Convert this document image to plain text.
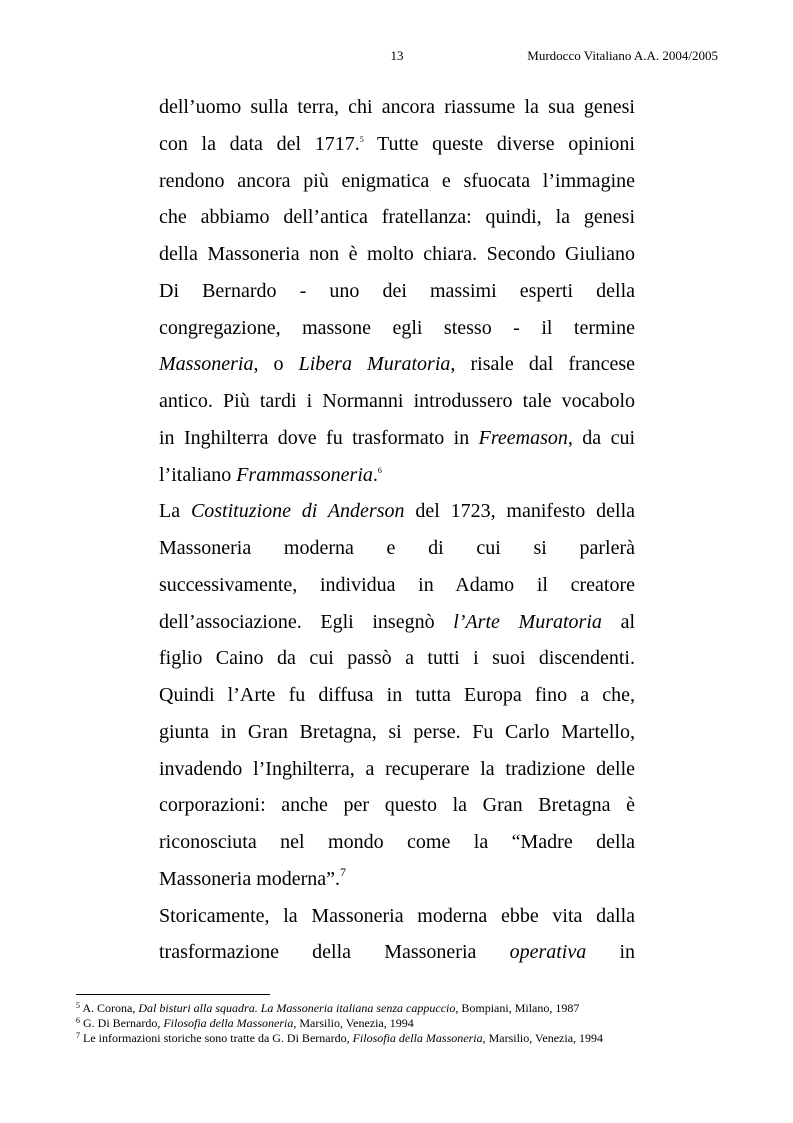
13	Murdocco Vitaliano A.A. 2004/2005
dell’uomo sulla terra, chi ancora riassume la sua genesi
con la data del 1717.$^5$ Tutte queste diverse opinioni
rendono ancora più enigmatica e sfuocata l’immagine
che abbiamo dell’antica fratellanza: quindi, la genesi
della Massoneria non è molto chiara. Secondo Giuliano
Di Bernardo - uno dei massimi esperti della
congregazione, massone egli stesso - il termine
Massoneria, o Libera Muratoria, risale dal francese
antico. Più tardi i Normanni introdussero tale vocabolo
in Inghilterra dove fu trasformato in Freemason, da cui
l’italiano Frammassoneria.$^6$
La Costituzione di Anderson del 1723, manifesto della
Massoneria moderna e di cui si parlerà
successivamente, individua in Adamo il creatore
dell’associazione. Egli insegnò l’Arte Muratoria al
figlio Caino da cui passò a tutti i suoi discendenti.
Quindi l’Arte fu diffusa in tutta Europa fino a che,
giunta in Gran Bretagna, si perse. Fu Carlo Martello,
invadendo l’Inghilterra, a recuperare la tradizione delle
corporazioni: anche per questo la Gran Bretagna è
riconosciuta nel mondo come la “Madre della
Massoneria moderna”.$^7$
Storicamente, la Massoneria moderna ebbe vita dalla
trasformazione della Massoneria operativa in
$^5$ A. Corona, Dal bisturi alla squadra. La Massoneria italiana senza cappuccio, Bompiani, Milano, 1987
$^6$ G. Di Bernardo, Filosofia della Massoneria, Marsilio, Venezia, 1994
$^7$ Le informazioni storiche sono tratte da G. Di Bernardo, Filosofia della Massoneria, Marsilio, Venezia, 1994
